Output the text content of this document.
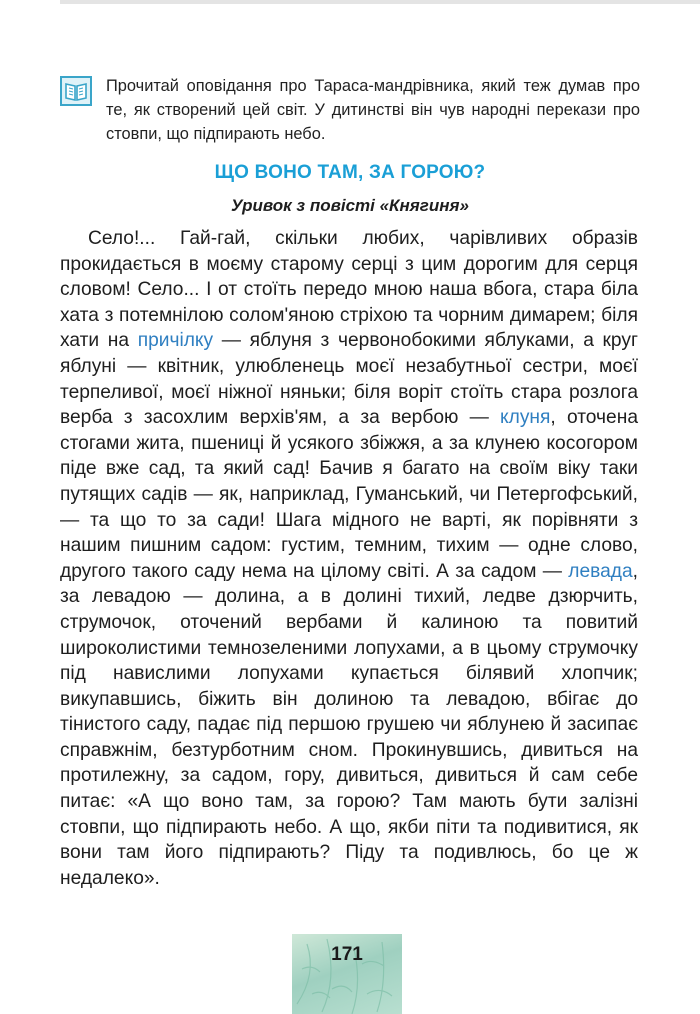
Прочитай оповідання про Тараса-мандрівника, який теж думав про те, як створений цей світ. У дитинстві він чув народні перекази про стовпи, що підпирають небо.
ЩО ВОНО ТАМ, ЗА ГОРОЮ?
Уривок з повісті «Княгиня»

Село!... Гай-гай, скільки любих, чарівливих образів прокидається в моєму старому серці з цим дорогим для серця словом! Село... І от стоїть передо мною наша вбога, стара біла хата з потемнілою солом'яною стріхою та чорним димарем; біля хати на причілку — яблуня з червонобокими яблуками, а круг яблуні — квітник, улюбленець моєї незабутньої сестри, моєї терпеливої, моєї ніжної няньки; біля воріт стоїть стара розлога верба з засохлим верхів'ям, а за вербою — клуня, оточена стогами жита, пшениці й усякого збіжжя, а за клунею косогором піде вже сад, та який сад! Бачив я багато на своїм віку таки путящих садів — як, наприклад, Гуманський, чи Петергофський, — та що то за сади! Шага мідного не варті, як порівняти з нашим пишним садом: густим, темним, тихим — одне слово, другого такого саду нема на цілому світі. А за садом — левада, за левадою — долина, а в долині тихий, ледве дзюрчить, струмочок, оточений вербами й калиною та повитий широколистими темнозеленими лопухами, а в цьому струмочку під навислими лопухами купається білявий хлопчик; викупавшись, біжить він долиною та левадою, вбігає до тінистого саду, падає під першою грушею чи яблунею й засипає справжнім, безтурботним сном. Прокинувшись, дивиться на протилежну, за садом, гору, дивиться, дивиться й сам себе питає: «А що воно там, за горою? Там мають бути залізні стовпи, що підпирають небо. А що, якби піти та подивитися, як вони там його підпирають? Піду та подивлюсь, бо це ж недалеко».

171
